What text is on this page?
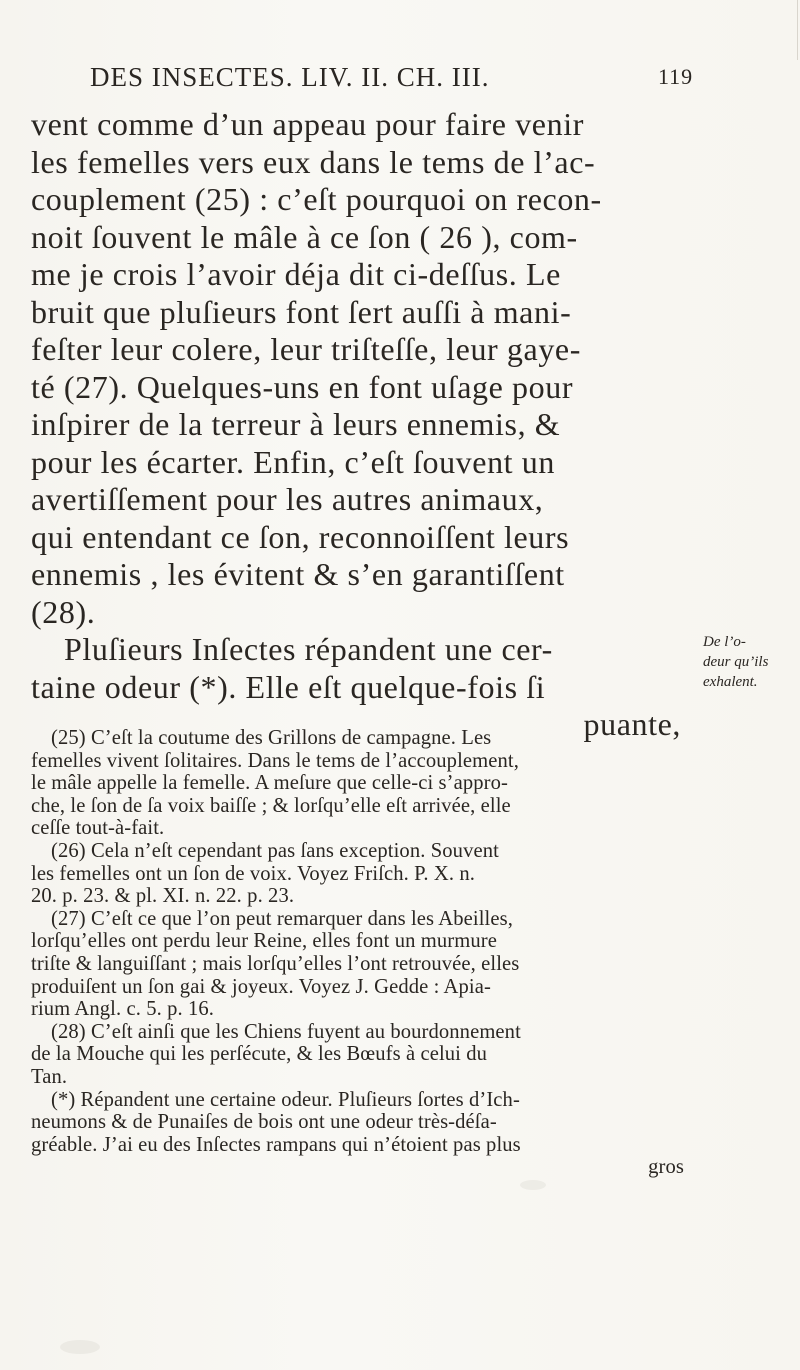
DES INSECTES. LIV. II. CH. III.	119
vent comme d’un appeau pour faire venir
les femelles vers eux dans le tems de l’ac-
couplement (25) : c’eſt pourquoi on recon-
noit ſouvent le mâle à ce ſon ( 26 ), com-
me je crois l’avoir déja dit ci-deſſus. Le
bruit que pluſieurs font ſert auſſi à mani-
feſter leur colere, leur triſteſſe, leur gaye-
té (27). Quelques-uns en font uſage pour
inſpirer de la terreur à leurs ennemis, &
pour les écarter. Enfin, c’eſt ſouvent un
avertiſſement pour les autres animaux,
qui entendant ce ſon, reconnoiſſent leurs
ennemis , les évitent & s’en garantiſſent
(28).
Pluſieurs Inſectes répandent une cer-
taine odeur (*). Elle eſt quelque-fois ſi
puante,
De l’o-
deur qu’ils
exhalent.
(25) C’eſt la coutume des Grillons de campagne. Les
femelles vivent ſolitaires. Dans le tems de l’accouplement,
le mâle appelle la femelle. A meſure que celle-ci s’appro-
che, le ſon de ſa voix baiſſe ; & lorſqu’elle eſt arrivée, elle
ceſſe tout-à-fait.
(26) Cela n’eſt cependant pas ſans exception. Souvent
les femelles ont un ſon de voix. Voyez Friſch. P. X. n.
20. p. 23. & pl. XI. n. 22. p. 23.
(27) C’eſt ce que l’on peut remarquer dans les Abeilles,
lorſqu’elles ont perdu leur Reine, elles font un murmure
triſte & languiſſant ; mais lorſqu’elles l’ont retrouvée, elles
produiſent un ſon gai & joyeux. Voyez J. Gedde : Apia-
rium Angl. c. 5. p. 16.
(28) C’eſt ainſi que les Chiens fuyent au bourdonnement
de la Mouche qui les perſécute, & les Bœufs à celui du
Tan.
(*) Répandent une certaine odeur. Pluſieurs ſortes d’Ich-
neumons & de Punaiſes de bois ont une odeur très-déſa-
gréable. J’ai eu des Inſectes rampans qui n’étoient pas plus
gros
